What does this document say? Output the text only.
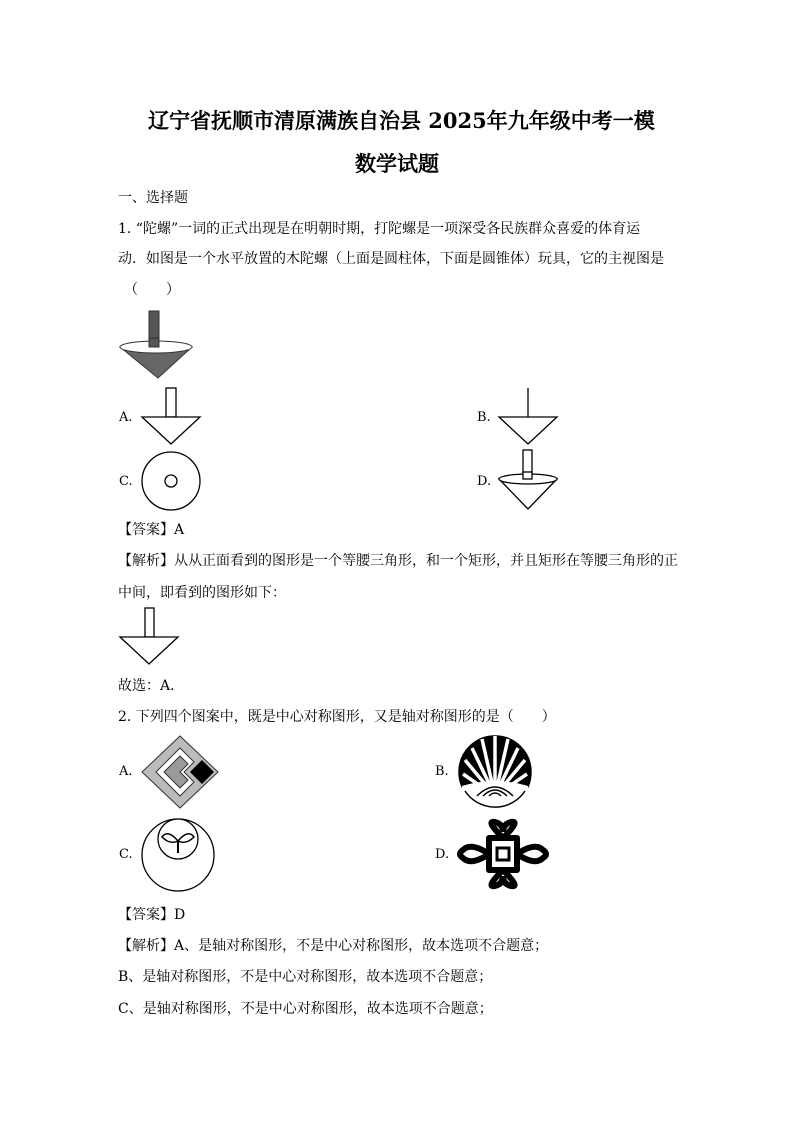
辽宁省抚顺市清原满族自治县 2025年九年级中考一模
数学试题
一、选择题
1. “陀螺”一词的正式出现是在明朝时期，打陀螺是一项深受各民族群众喜爱的体育运
动．如图是一个水平放置的木陀螺（上面是圆柱体，下面是圆锥体）玩具，它的主视图是
（　　）
A.	B.
C.	D.
【答案】A
【解析】从从正面看到的图形是一个等腰三角形，和一个矩形，并且矩形在等腰三角形的正
中间，即看到的图形如下：
故选：A．
2. 下列四个图案中，既是中心对称图形，又是轴对称图形的是（　　）
A.	B.
C.	D.
【答案】D
【解析】A、是轴对称图形，不是中心对称图形，故本选项不合题意；
B、是轴对称图形，不是中心对称图形，故本选项不合题意；
C、是轴对称图形，不是中心对称图形，故本选项不合题意；
